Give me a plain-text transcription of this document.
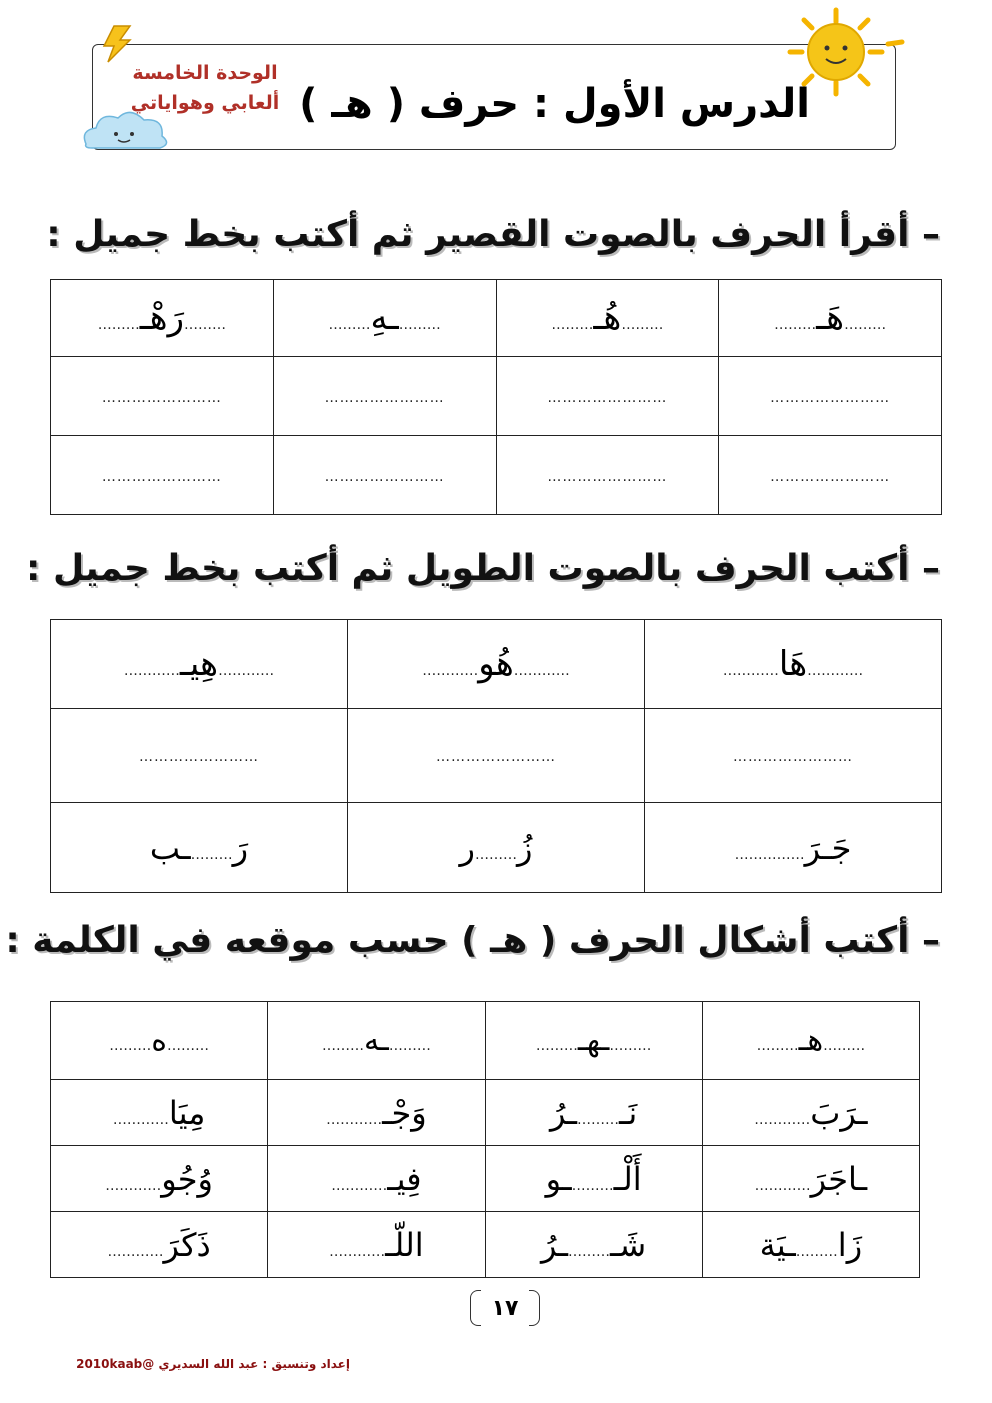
الدرس الأول : حرف ( هـ )
الوحدة الخامسة
ألعابي وهواياتي
– أقرأ الحرف بالصوت القصير ثم أكتب بخط جميل :
………هَـ………	………هُـ………	………ـهِ………	………رَهْـ………
……………………	……………………	……………………	……………………
……………………	……………………	……………………	……………………
– أكتب الحرف بالصوت الطويل ثم أكتب بخط جميل :
…………هَا…………	…………هُو…………	…………هِيـ…………
……………………	……………………	……………………
جَـرَ……………	زُ………ر	رَ………ـب
– أكتب أشكال الحرف ( هـ ) حسب موقعه في الكلمة :
………هـ………	………ـهـ………	………ـه………	………ه………
ـرَبَ…………	نَـ………ـرُ	وَجْـ…………	مِيَا…………
ـاجَرَ…………	أَلْـ………ـو	فِيـ…………	وُجُو…………
زَا………ـيَة	شَـ………ـرُ	اللّـ…………	ذَكَرَ…………
١٧
إعداد وتنسيق : عبد الله السديري @2010kaab
